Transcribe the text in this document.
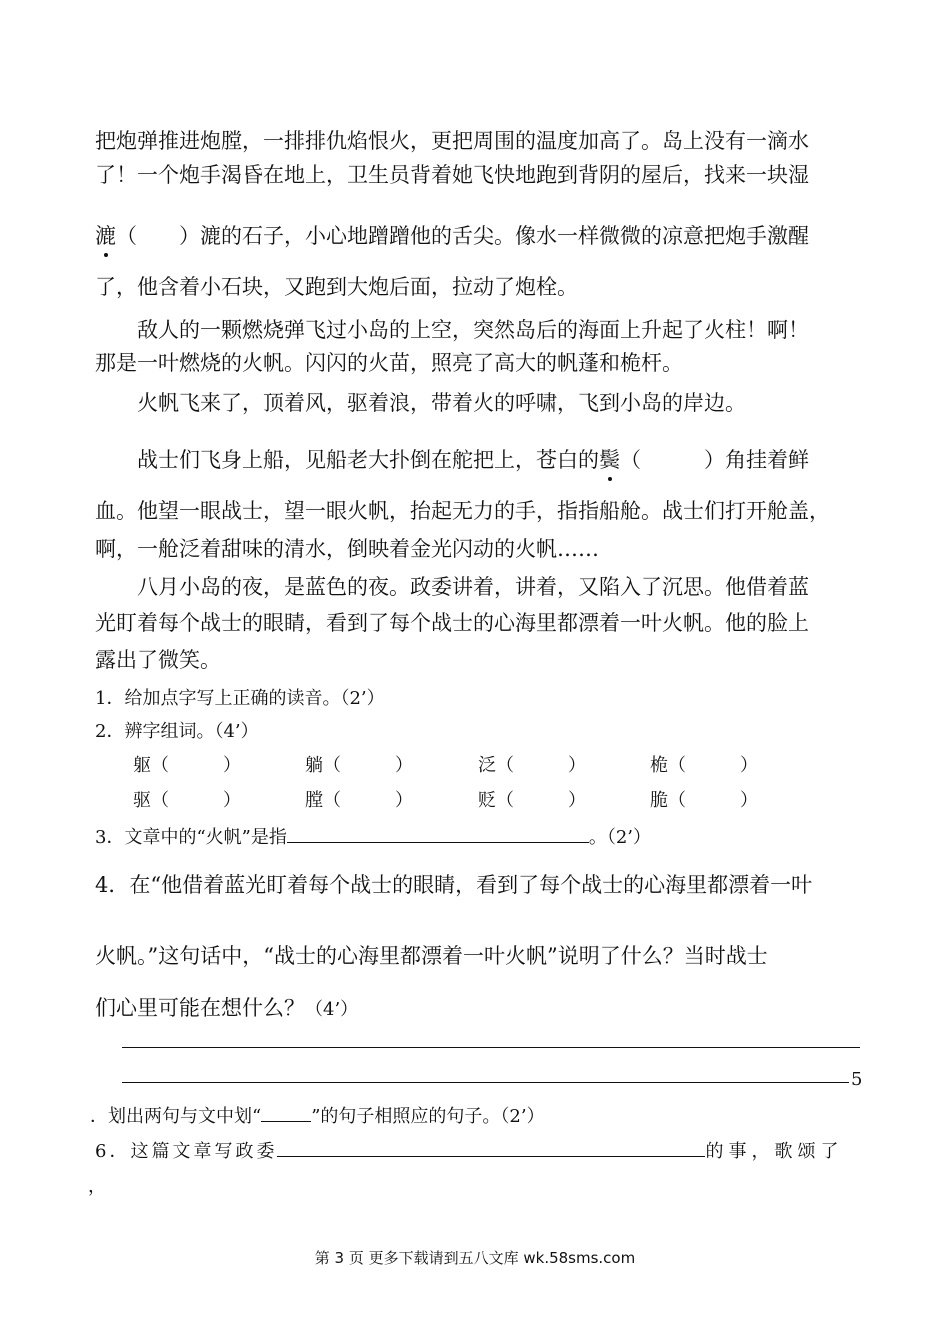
把炮弹推进炮膛，一排排仇焰恨火，更把周围的温度加高了。岛上没有一滴水
了！一个炮手渴昏在地上，卫生员背着她飞快地跑到背阴的屋后，找来一块湿
漉（　　）漉的石子，小心地蹭蹭他的舌尖。像水一样微微的凉意把炮手激醒
了，他含着小石块，又跑到大炮后面，拉动了炮栓。
敌人的一颗燃烧弹飞过小岛的上空，突然岛后的海面上升起了火柱！啊！
那是一叶燃烧的火帆。闪闪的火苗，照亮了高大的帆蓬和桅杆。
火帆飞来了，顶着风，驱着浪，带着火的呼啸，飞到小岛的岸边。
战士们飞身上船，见船老大扑倒在舵把上，苍白的鬓（　　　）角挂着鲜
血。他望一眼战士，望一眼火帆，抬起无力的手，指指船舱。战士们打开舱盖，
啊，一舱泛着甜味的清水，倒映着金光闪动的火帆……
八月小岛的夜，是蓝色的夜。政委讲着，讲着，又陷入了沉思。他借着蓝
光盯着每个战士的眼睛，看到了每个战士的心海里都漂着一叶火帆。他的脸上
露出了微笑。
1．给加点字写上正确的读音。（2’）
2．辨字组词。（4’）
躯（　　　）	躺（　　　）	泛（　　　）	桅（　　　）
驱（　　　）	膛（　　　）	贬（　　　）	脆（　　　）
3．文章中的“火帆”是指	。（2’）
4．在“他借着蓝光盯着每个战士的眼睛，看到了每个战士的心海里都漂着一叶
火帆。”这句话中，“战士的心海里都漂着一叶火帆”说明了什么？当时战士
们心里可能在想什么？（4’）
5
．划出两句与文中划“	”的句子相照应的句子。（2’）
6．这篇文章写政委	的事，歌颂了
，
第 3 页 更多下载请到五八文库 wk.58sms.com
